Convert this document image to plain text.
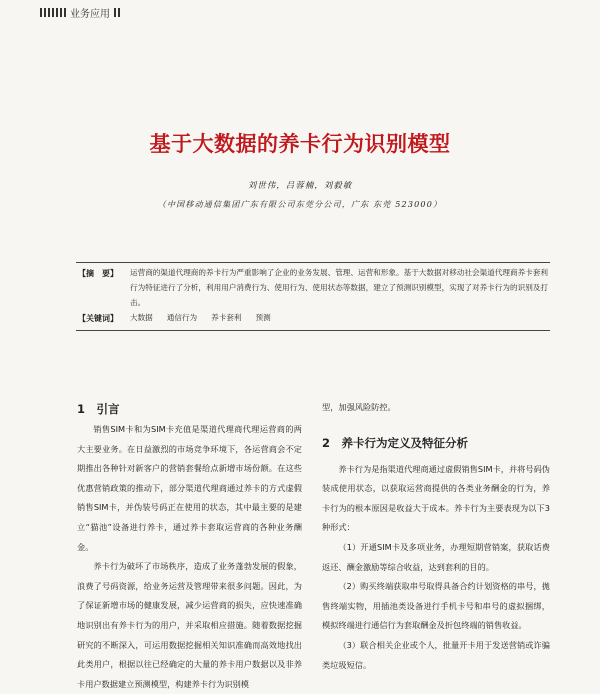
业务应用
基于大数据的养卡行为识别模型
刘世伟，吕蓉楠，刘毅敏
（中国移动通信集团广东有限公司东莞分公司，广东 东莞 523000）
【摘　要】 运营商的渠道代理商的养卡行为严重影响了企业的业务发展、管理、运营和形象。基于大数据对移动社会渠道代理商养卡套利行为特征进行了分析，利用用户消费行为、使用行为、使用状态等数据，建立了预测识别模型，实现了对养卡行为的识别及打击。
【关键词】 大数据 通信行为 养卡套利 预测
1　引言

销售SIM卡和为SIM卡充值是渠道代理商代理运营商的两大主要业务。在日益激烈的市场竞争环境下，各运营商会不定期推出各种针对新客户的营销套餐给点新增市场份额。在这些优惠营销政策的推动下，部分渠道代理商通过养卡的方式虚假销售SIM卡，并伪装号码正在使用的状态，其中最主要的是建立“猫池”设备进行养卡，通过养卡套取运营商的各种业务酬金。

养卡行为破坏了市场秩序，造成了业务蓬勃发展的假象，浪费了号码资源，给业务运营及管理带来很多问题。因此，为了保证新增市场的健康发展，减少运营商的损失，应快速准确地识别出有养卡行为的用户，并采取相应措施。随着数据挖掘研究的不断深入，可运用数据挖掘相关知识准确而高效地找出此类用户，根据以往已经确定的大量的养卡用户数据以及非养卡用户数据建立预测模型，构建养卡行为识别模

型，加强风险防控。

2　养卡行为定义及特征分析

养卡行为是指渠道代理商通过虚假销售SIM卡，并将号码伪装成使用状态，以获取运营商提供的各类业务酬金的行为，养卡行为的根本原因是收益大于成本。养卡行为主要表现为以下3种形式：

（1）开通SIM卡及多项业务，办理短期营销案，获取话费返还、酬金激励等综合收益，达到套利的目的。

（2）购买终端获取串号取得具备合约计划资格的串号，拋售终端实物，用插池类设备进行手机卡号和串号的虚拟捆绑，模拟终端进行通信行为套取酬金及折包终端的销售收益。

（3）联合相关企业或个人，批量开卡用于发送营销或诈骗类垃圾短信。
